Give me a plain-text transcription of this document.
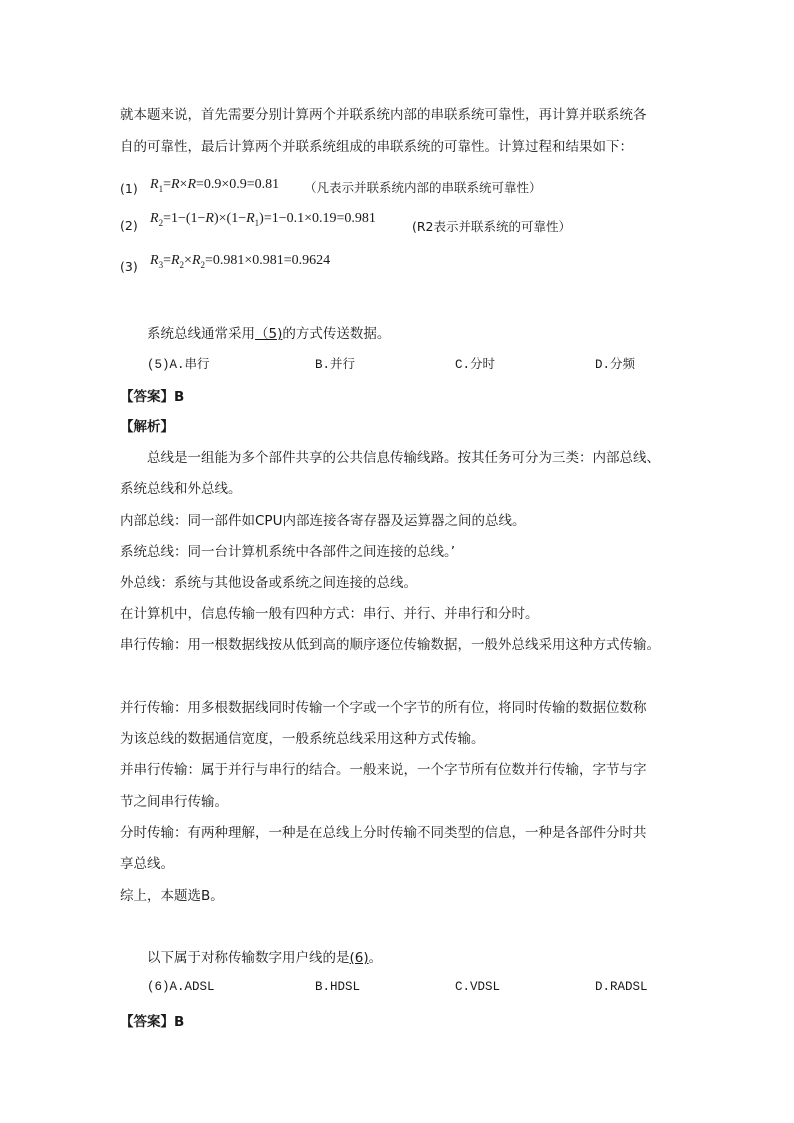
就本题来说，首先需要分别计算两个并联系统内部的串联系统可靠性，再计算并联系统各
自的可靠性，最后计算两个并联系统组成的串联系统的可靠性。计算过程和结果如下：
(1) $R_1=R\times R=0.9\times 0.9=0.81$ （凡表示并联系统内部的串联系统可靠性）
(2) $R_2=1-(1-R)\times(1-R_1)=1-0.1\times 0.19=0.981$
(R2表示并联系统的可靠性）
(3) $R_3=R_2\times R_2=0.981\times 0.981=0.9624$
系统总线通常采用（5)的方式传送数据。
(5)A.串行	B.并行	C.分时	D.分频
【答案】B
【解析】
总线是一组能为多个部件共享的公共信息传输线路。按其任务可分为三类：内部总线、
系统总线和外总线。
内部总线：同一部件如CPU内部连接各寄存器及运算器之间的总线。
系统总线：同一台计算机系统中各部件之间连接的总线。’
外总线：系统与其他设备或系统之间连接的总线。
在计算机中，信息传输一般有四种方式：串行、并行、并串行和分时。
串行传输：用一根数据线按从低到高的顺序逐位传输数据，一般外总线采用这种方式传输。
并行传输：用多根数据线同时传输一个字或一个字节的所有位，将同时传输的数据位数称
为该总线的数据通信宽度，一般系统总线采用这种方式传输。
并串行传输：属于并行与串行的结合。一般来说，一个字节所有位数并行传输，字节与字
节之间串行传输。
分时传输：有两种理解，一种是在总线上分时传输不同类型的信息，一种是各部件分时共
享总线。
综上，本题选B。
以下属于对称传输数字用户线的是(6)。
(6)A.ADSL	B.HDSL	C.VDSL	D.RADSL
【答案】B
